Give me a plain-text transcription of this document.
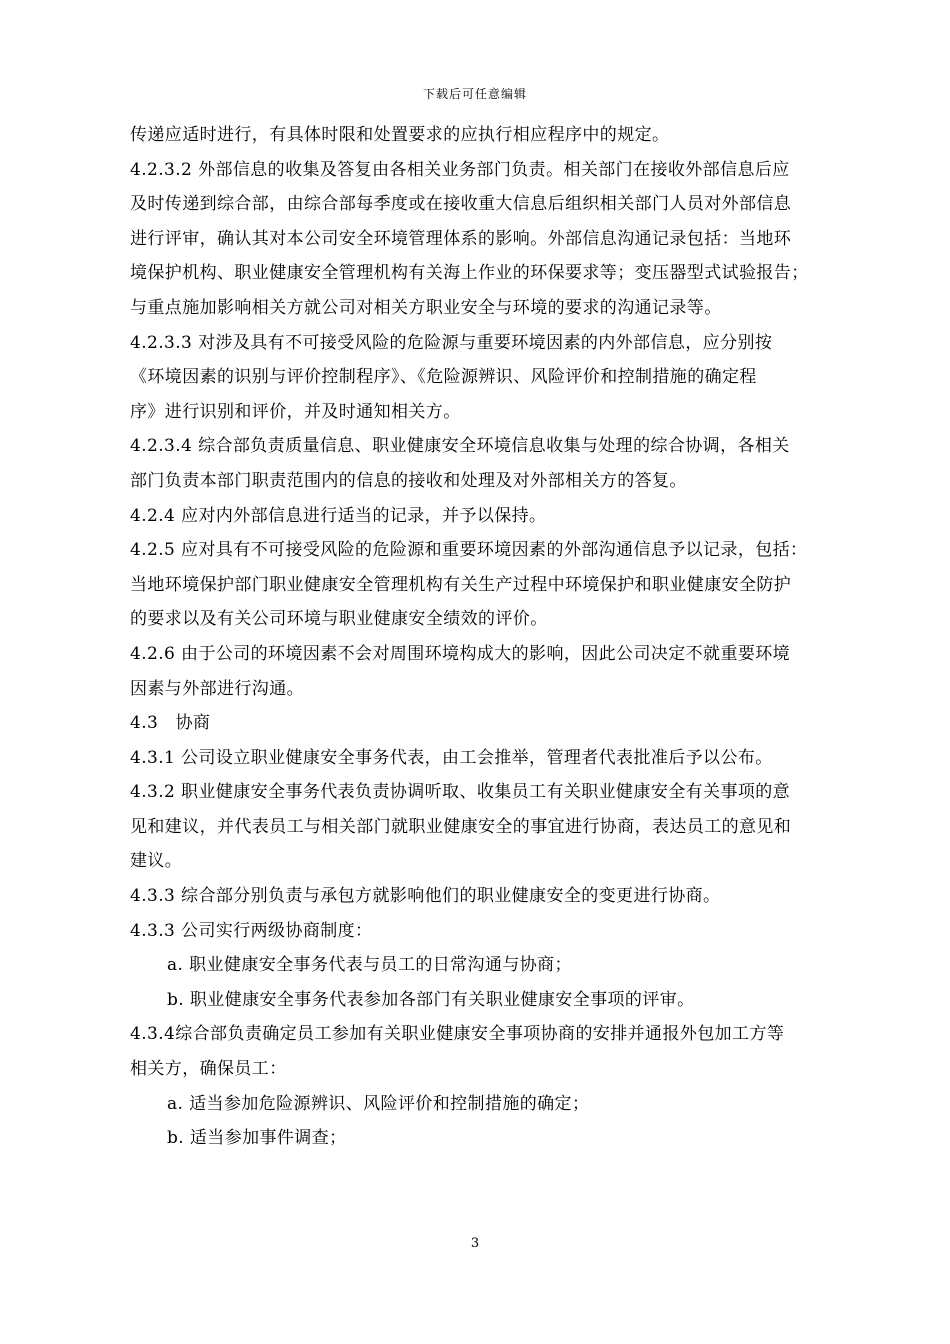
下载后可任意编辑
传递应适时进行，有具体时限和处置要求的应执行相应程序中的规定。
4.2.3.2 外部信息的收集及答复由各相关业务部门负责。相关部门在接收外部信息后应
及时传递到综合部，由综合部每季度或在接收重大信息后组织相关部门人员对外部信息
进行评审，确认其对本公司安全环境管理体系的影响。外部信息沟通记录包括：当地环
境保护机构、职业健康安全管理机构有关海上作业的环保要求等；变压器型式试验报告；
与重点施加影响相关方就公司对相关方职业安全与环境的要求的沟通记录等。
4.2.3.3 对涉及具有不可接受风险的危险源与重要环境因素的内外部信息，应分别按
《环境因素的识别与评价控制程序》、《危险源辨识、风险评价和控制措施的确定程
序》进行识别和评价，并及时通知相关方。
4.2.3.4 综合部负责质量信息、职业健康安全环境信息收集与处理的综合协调，各相关
部门负责本部门职责范围内的信息的接收和处理及对外部相关方的答复。
4.2.4 应对内外部信息进行适当的记录，并予以保持。
4.2.5 应对具有不可接受风险的危险源和重要环境因素的外部沟通信息予以记录，包括：
当地环境保护部门职业健康安全管理机构有关生产过程中环境保护和职业健康安全防护
的要求以及有关公司环境与职业健康安全绩效的评价。
4.2.6 由于公司的环境因素不会对周围环境构成大的影响，因此公司决定不就重要环境
因素与外部进行沟通。
4.3   协商
4.3.1 公司设立职业健康安全事务代表，由工会推举，管理者代表批准后予以公布。
4.3.2 职业健康安全事务代表负责协调听取、收集员工有关职业健康安全有关事项的意
见和建议，并代表员工与相关部门就职业健康安全的事宜进行协商，表达员工的意见和
建议。
4.3.3 综合部分别负责与承包方就影响他们的职业健康安全的变更进行协商。
4.3.3 公司实行两级协商制度：
a. 职业健康安全事务代表与员工的日常沟通与协商；
b. 职业健康安全事务代表参加各部门有关职业健康安全事项的评审。
4.3.4综合部负责确定员工参加有关职业健康安全事项协商的安排并通报外包加工方等
相关方，确保员工：
a. 适当参加危险源辨识、风险评价和控制措施的确定；
b. 适当参加事件调查；
3
